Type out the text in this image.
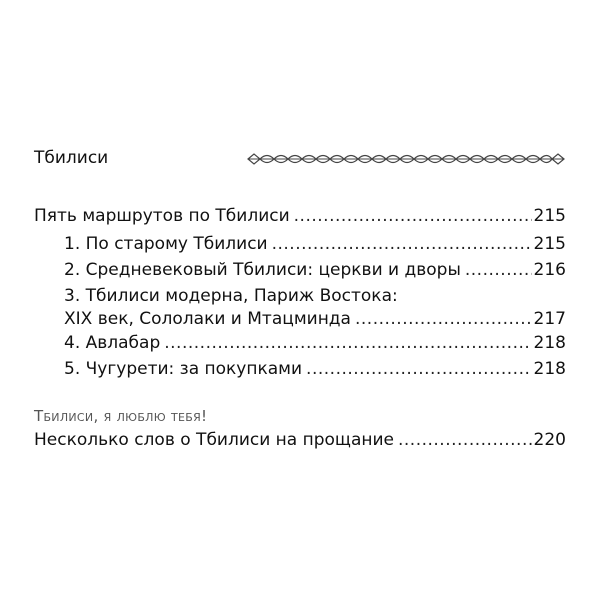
Тбилиси
Пять маршрутов по Тбилиси .....	215
1. По старому Тбилиси .....	215
2. Средневековый Тбилиси: церкви и дворы .....	216
3. Тбилиси модерна, Париж Востока:
XIX век, Сололаки и Мтацминда .....	217
4. Авлабар .....	218
5. Чугурети: за покупками .....	218
Несколько слов о Тбилиси на прощание .....	220
Тбилиси, я люблю тебя!
